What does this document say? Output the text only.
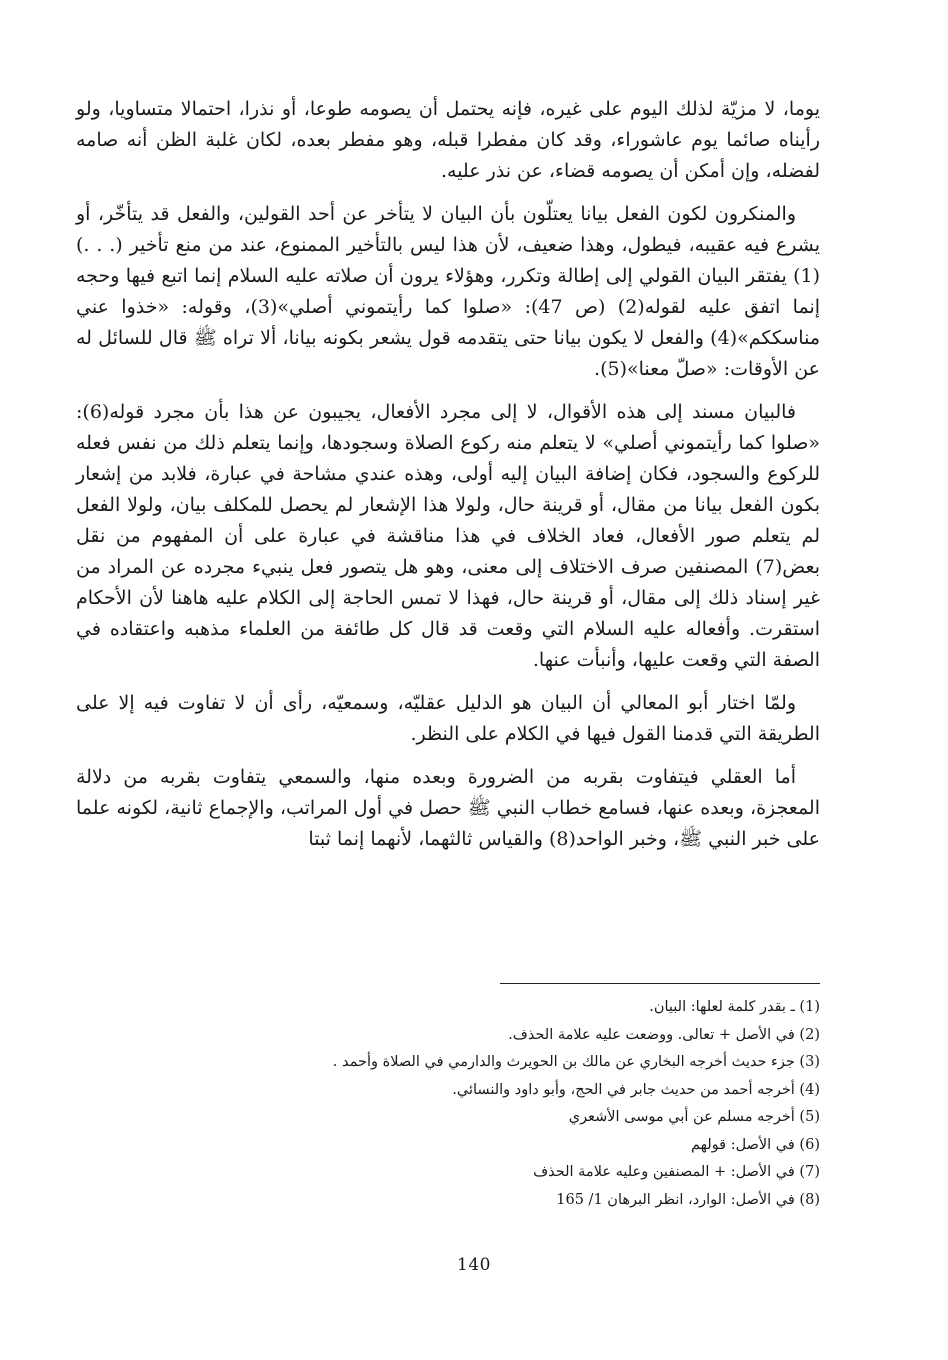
يوما، لا مزيّة لذلك اليوم على غيره، فإنه يحتمل أن يصومه طوعا، أو نذرا، احتمالا متساويا، ولو رأيناه صائما يوم عاشوراء، وقد كان مفطرا قبله، وهو مفطر بعده، لكان غلبة الظن أنه صامه لفضله، وإن أمكن أن يصومه قضاء، عن نذر عليه.

والمنكرون لكون الفعل بيانا يعتلّون بأن البيان لا يتأخر عن أحد القولين، والفعل قد يتأخّر، أو يشرع فيه عقيبه، فيطول، وهذا ضعيف، لأن هذا ليس بالتأخير الممنوع، عند من منع تأخير (. . .)(1) يفتقر البيان القولي إلى إطالة وتكرر، وهؤلاء يرون أن صلاته عليه السلام إنما اتبع فيها وحجه إنما اتفق عليه لقوله(2) (ص 47): «صلوا كما رأيتموني أصلي»(3)، وقوله: «خذوا عني مناسككم»(4) والفعل لا يكون بيانا حتى يتقدمه قول يشعر بكونه بيانا، ألا تراه ﷺ قال للسائل له عن الأوقات: «صلّ معنا»(5).

فالبيان مسند إلى هذه الأقوال، لا إلى مجرد الأفعال، يجيبون عن هذا بأن مجرد قوله(6): «صلوا كما رأيتموني أصلي» لا يتعلم منه ركوع الصلاة وسجودها، وإنما يتعلم ذلك من نفس فعله للركوع والسجود، فكان إضافة البيان إليه أولى، وهذه عندي مشاحة في عبارة، فلابد من إشعار بكون الفعل بيانا من مقال، أو قرينة حال، ولولا هذا الإشعار لم يحصل للمكلف بيان، ولولا الفعل لم يتعلم صور الأفعال، فعاد الخلاف في هذا مناقشة في عبارة على أن المفهوم من نقل بعض(7) المصنفين صرف الاختلاف إلى معنى، وهو هل يتصور فعل ينبيء مجرده عن المراد من غير إسناد ذلك إلى مقال، أو قرينة حال، فهذا لا تمس الحاجة إلى الكلام عليه هاهنا لأن الأحكام استقرت. وأفعاله عليه السلام التي وقعت قد قال كل طائفة من العلماء مذهبه واعتقاده في الصفة التي وقعت عليها، وأنبأت عنها.

ولمّا اختار أبو المعالي أن البيان هو الدليل عقليّه، وسمعيّه، رأى أن لا تفاوت فيه إلا على الطريقة التي قدمنا القول فيها في الكلام على النظر.

أما العقلي فيتفاوت بقربه من الضرورة وبعده منها، والسمعي يتفاوت بقربه من دلالة المعجزة، وبعده عنها، فسامع خطاب النبي ﷺ حصل في أول المراتب، والإجماع ثانية، لكونه علما على خبر النبي ﷺ، وخبر الواحد(8) والقياس ثالثهما، لأنهما إنما ثبتا

(1) ـ بقدر كلمة لعلها: البيان.

(2) في الأصل + تعالى. ووضعت عليه علامة الحذف.

(3) جزء حديث أخرجه البخاري عن مالك بن الحويرث والدارمي في الصلاة وأحمد .

(4) أخرجه أحمد من حديث جابر في الحج، وأبو داود والنسائي.

(5) أخرجه مسلم عن أبي موسى الأشعري

(6) في الأصل: قولهم

(7) في الأصل: + المصنفين وعليه علامة الحذف

(8) في الأصل: الوارد، انظر البرهان 1/ 165

140
